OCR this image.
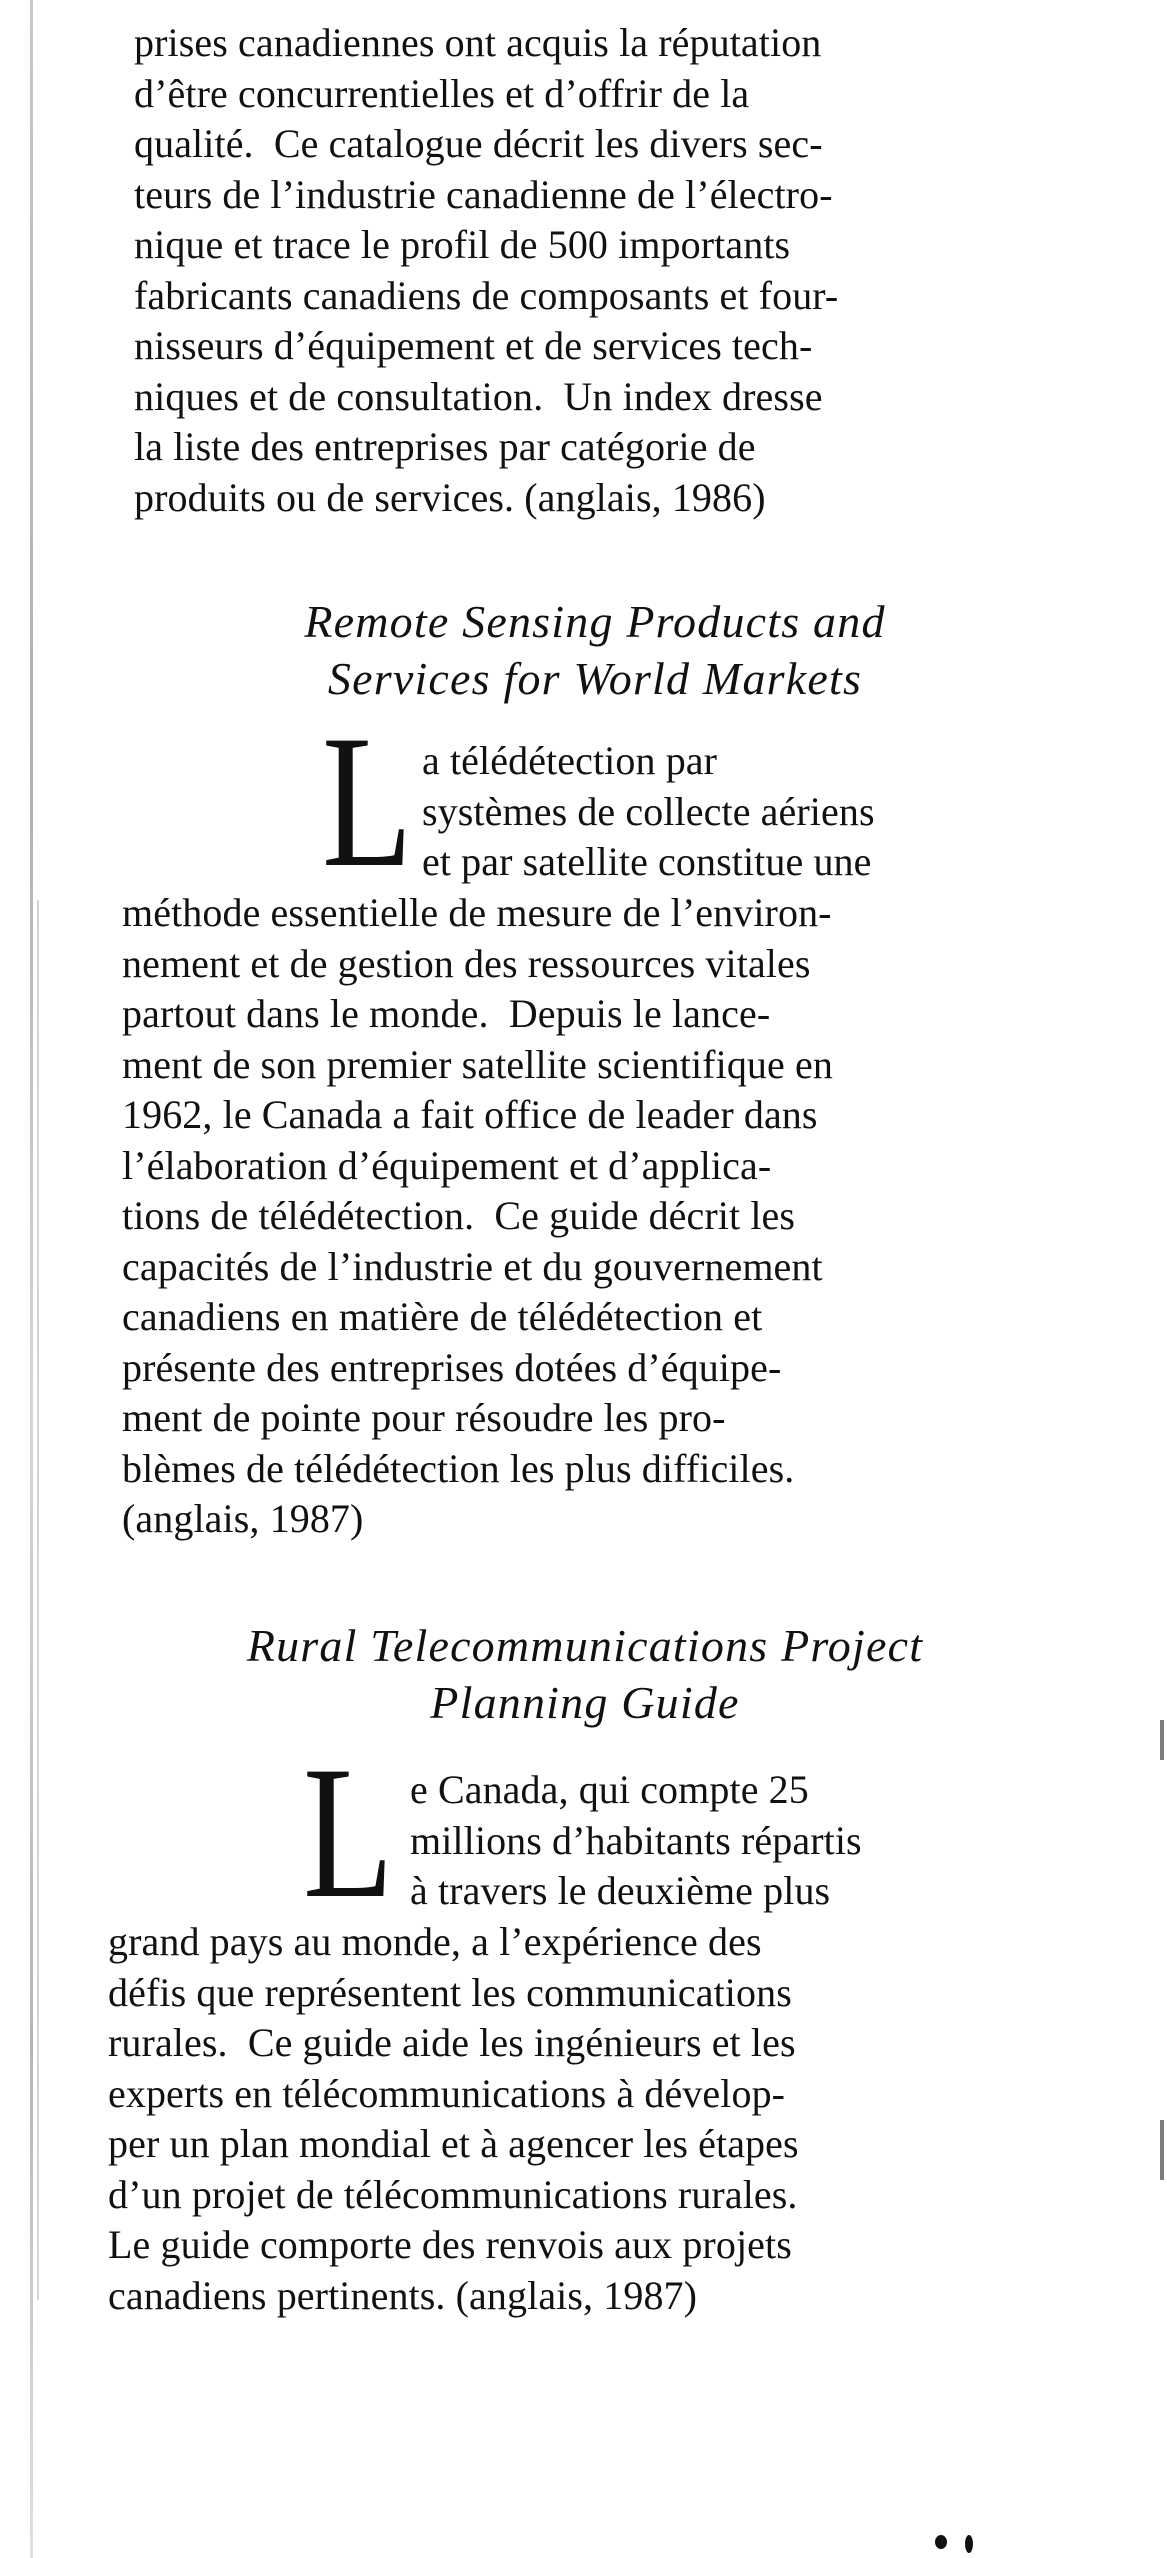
prises canadiennes ont acquis la réputation
d’être concurrentielles et d’offrir de la
qualité.  Ce catalogue décrit les divers sec-
teurs de l’industrie canadienne de l’électro-
nique et trace le profil de 500 importants
fabricants canadiens de composants et four-
nisseurs d’équipement et de services tech-
niques et de consultation.  Un index dresse
la liste des entreprises par catégorie de
produits ou de services. (anglais, 1986)
Remote Sensing Products and
Services for World Markets
L a télédétection par
systèmes de collecte aériens
et par satellite constitue une
méthode essentielle de mesure de l’environ-
nement et de gestion des ressources vitales
partout dans le monde.  Depuis le lance-
ment de son premier satellite scientifique en
1962, le Canada a fait office de leader dans
l’élaboration d’équipement et d’applica-
tions de télédétection.  Ce guide décrit les
capacités de l’industrie et du gouvernement
canadiens en matière de télédétection et
présente des entreprises dotées d’équipe-
ment de pointe pour résoudre les pro-
blèmes de télédétection les plus difficiles.
(anglais, 1987)
Rural Telecommunications Project
Planning Guide
L e Canada, qui compte 25
millions d’habitants répartis
à travers le deuxième plus
grand pays au monde, a l’expérience des
défis que représentent les communications
rurales.  Ce guide aide les ingénieurs et les
experts en télécommunications à dévelop-
per un plan mondial et à agencer les étapes
d’un projet de télécommunications rurales.
Le guide comporte des renvois aux projets
canadiens pertinents. (anglais, 1987)
